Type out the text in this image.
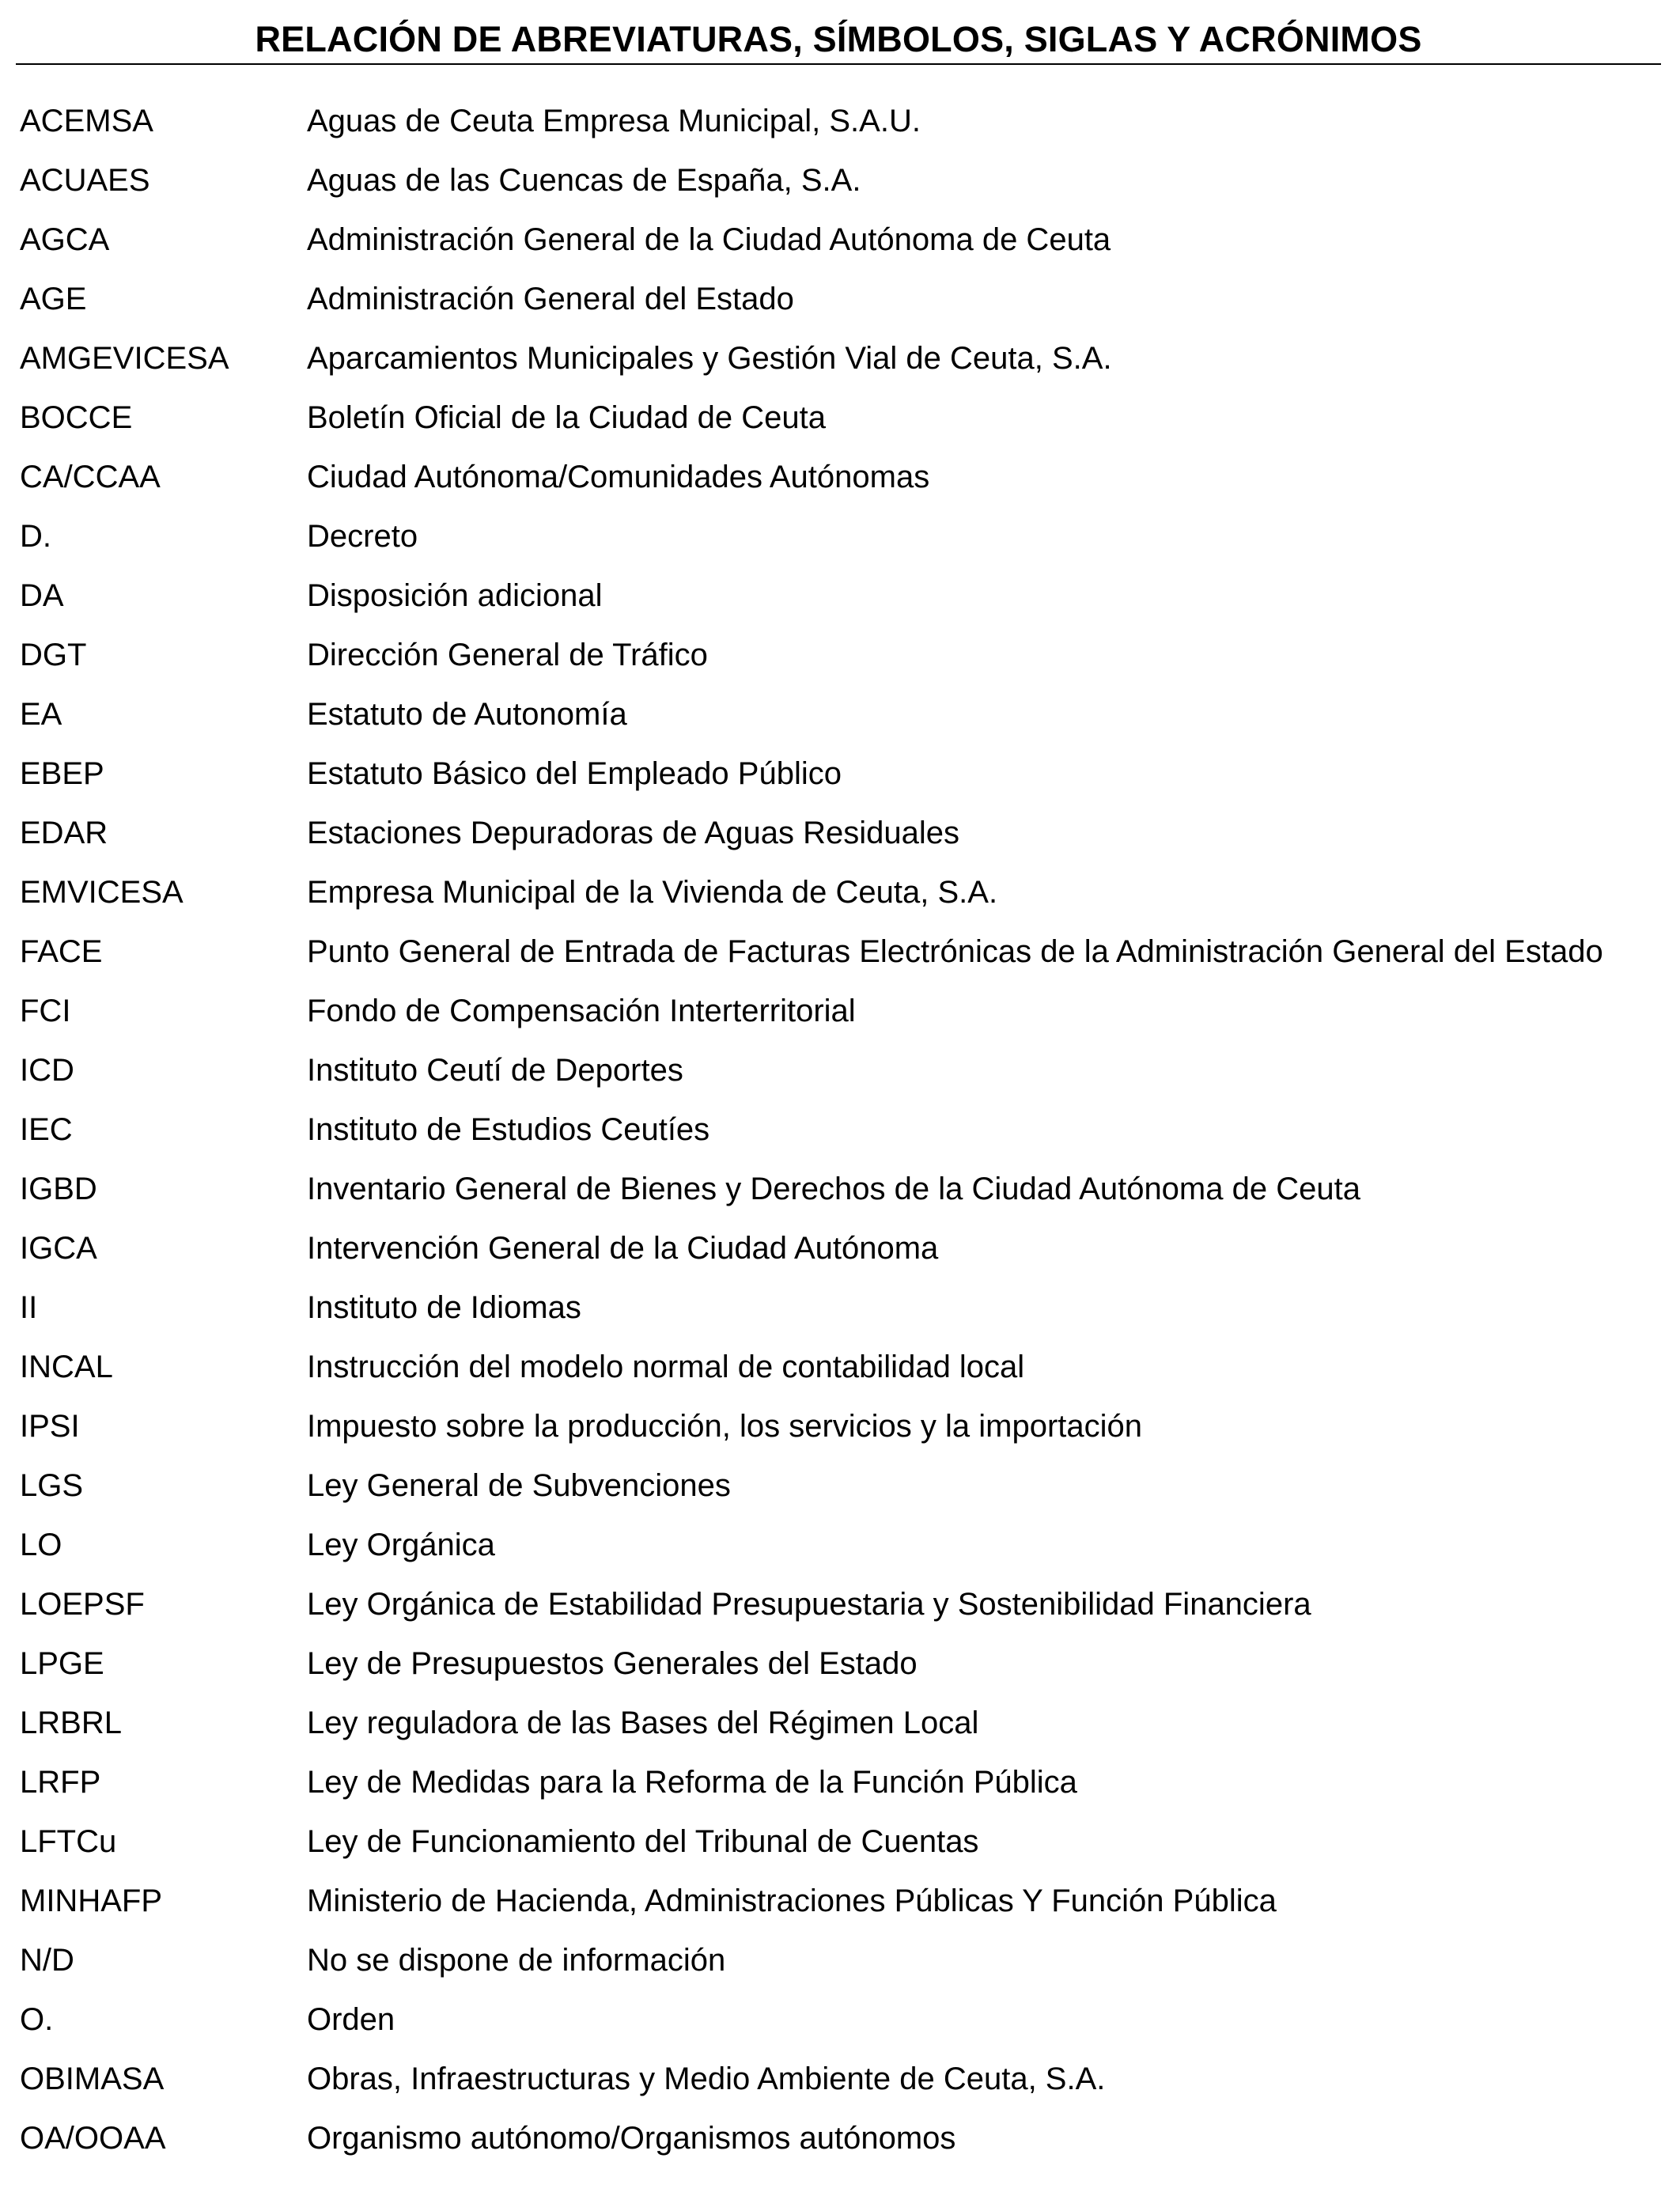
RELACIÓN DE ABREVIATURAS, SÍMBOLOS, SIGLAS Y ACRÓNIMOS
ACEMSA	Aguas de Ceuta Empresa Municipal, S.A.U.
ACUAES	Aguas de las Cuencas de España, S.A.
AGCA	Administración General de la Ciudad Autónoma de Ceuta
AGE	Administración General del Estado
AMGEVICESA	Aparcamientos Municipales y Gestión Vial de Ceuta, S.A.
BOCCE	Boletín Oficial de la Ciudad de Ceuta
CA/CCAA	Ciudad Autónoma/Comunidades Autónomas
D.	Decreto
DA	Disposición adicional
DGT	Dirección General de Tráfico
EA	Estatuto de Autonomía
EBEP	Estatuto Básico del Empleado Público
EDAR	Estaciones Depuradoras de Aguas Residuales
EMVICESA	Empresa Municipal de la Vivienda de Ceuta, S.A.
FACE	Punto General de Entrada de Facturas Electrónicas de la Administración General del Estado
FCI	Fondo de Compensación Interterritorial
ICD	Instituto Ceutí de Deportes
IEC	Instituto de Estudios Ceutíes
IGBD	Inventario General de Bienes y Derechos de la Ciudad Autónoma de Ceuta
IGCA	Intervención General de la Ciudad Autónoma
II	Instituto de Idiomas
INCAL	Instrucción del modelo normal de contabilidad local
IPSI	Impuesto sobre la producción, los servicios y la importación
LGS	Ley General de Subvenciones
LO	Ley Orgánica
LOEPSF	Ley Orgánica de Estabilidad Presupuestaria y Sostenibilidad Financiera
LPGE	Ley de Presupuestos Generales del Estado
LRBRL	Ley reguladora de las Bases del Régimen Local
LRFP	Ley de Medidas para la Reforma de la Función Pública
LFTCu	Ley de Funcionamiento del Tribunal de Cuentas
MINHAFP	Ministerio de Hacienda, Administraciones Públicas Y Función Pública
N/D	No se dispone de información
O.	Orden
OBIMASA	Obras, Infraestructuras y Medio Ambiente de Ceuta, S.A.
OA/OOAA	Organismo autónomo/Organismos autónomos
